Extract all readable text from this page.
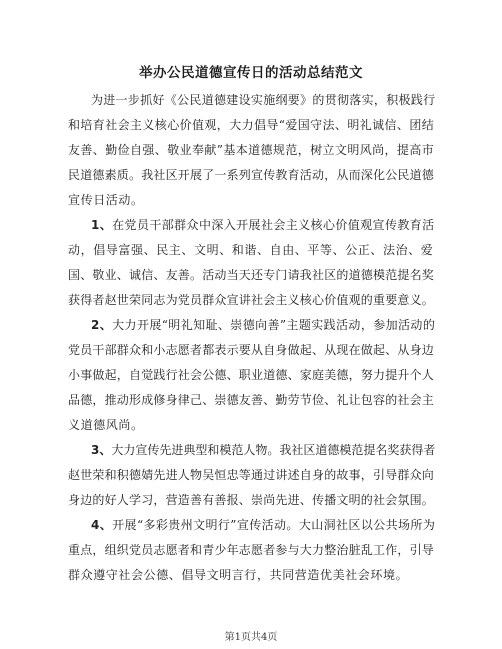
举办公民道德宣传日的活动总结范文
为进一步抓好《公民道德建设实施纲要》的贯彻落实，积极践行
和培育社会主义核心价值观，大力倡导“爱国守法、明礼诚信、团结
友善、勤俭自强、敬业奉献”基本道德规范，树立文明风尚，提高市
民道德素质。我社区开展了一系列宣传教育活动，从而深化公民道德
宣传日活动。
1、在党员干部群众中深入开展社会主义核心价值观宣传教育活
动，倡导富强、民主、文明、和谐、自由、平等、公正、法治、爱
国、敬业、诚信、友善。活动当天还专门请我社区的道德模范提名奖
获得者赵世荣同志为党员群众宣讲社会主义核心价值观的重要意义。
2、大力开展“明礼知耻、崇德向善”主题实践活动，参加活动的
党员干部群众和小志愿者都表示要从自身做起、从现在做起、从身边
小事做起，自觉践行社会公德、职业道德、家庭美德，努力提升个人
品德，推动形成修身律己、崇德友善、勤劳节俭、礼让包容的社会主
义道德风尚。
3、大力宣传先进典型和模范人物。我社区道德模范提名奖获得者
赵世荣和积德婧先进人物吴恒忠等通过讲述自身的故事，引导群众向
身边的好人学习，营造善有善报、崇尚先进、传播文明的社会氛围。
4、开展“多彩贵州文明行”宣传活动。大山洞社区以公共场所为
重点，组织党员志愿者和青少年志愿者参与大力整治脏乱工作，引导
群众遵守社会公德、倡导文明言行，共同营造优美社会环境。
第1页共4页
